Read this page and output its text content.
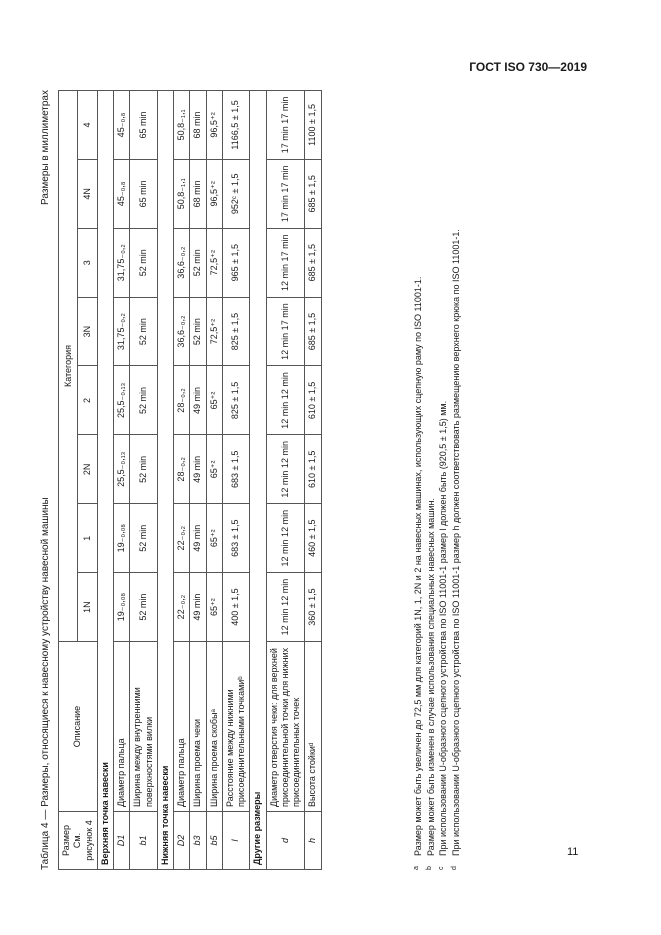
ГОСТ ISO 730—2019
Таблица 4 — Размеры, относящиеся к навесному устройству навесной машины
Размеры в миллиметрах
Размер
См. рисунок 4	Описание	Категория							
		1N	1	2N	2	3N	3	4N	4
Верхняя точка навески									
D1	Диаметр пальца	19₋₀,₀₈	19₋₀,₀₈	25,5₋₀,₁₃	25,5₋₀,₁₃	31,75₋₀,₂	31,75₋₀,₂	45₋₀,₈	45₋₀,₈
b1	Ширина между внутренними поверхностями вилки	52 min	52 min	52 min	52 min	52 min	52 min	65 min	65 min
Нижняя точка навески									
D2	Диаметр пальца	22₋₀,₂	22₋₀,₂	28₋₀,₂	28₋₀,₂	36,6₋₀,₂	36,6₋₀,₂	50,8₋₁,₁	50,8₋₁,₁
b3	Ширина проема чеки	49 min	49 min	49 min	49 min	52 min	52 min	68 min	68 min
b5	Ширина проема скобыᵃ	65⁺²	65⁺²	65⁺²	65⁺²	72,5⁺²	72,5⁺²	96,5⁺²	96,5⁺²
l	Расстояние между нижними присоединительными точкамиᵇ	400 ± 1,5	683 ± 1,5	683 ± 1,5	825 ± 1,5	825 ± 1,5	965 ± 1,5	952ᶜ ± 1,5	1166,5 ± 1,5
Другие размеры									
d	Диаметр отверстия чеки: для верхней присоединительной точки для нижних присоединительных точек	12 min 12 min	12 min 12 min	12 min 12 min	12 min 12 min	12 min 17 min	12 min 17 min	17 min 17 min	17 min 17 min
h	Высота стойкиᵈ	360 ± 1,5	460 ± 1,5	610 ± 1,5	610 ± 1,5	685 ± 1,5	685 ± 1,5	685 ± 1,5	1100 ± 1,5
aРазмер может быть увеличен до 72,5 мм для категорий 1N, 1, 2N и 2 на навесных машинах, использующих сцепную раму по ISO 11001-1.
bРазмер может быть изменен в случае использования специальных навесных машин.
cПри использовании U-образного сцепного устройства по ISO 11001-1 размер l должен быть (920,5 ± 1,5) мм.
dПри использовании U-образного сцепного устройства по ISO 11001-1 размер h должен соответствовать размещению верхнего крюка по ISO 11001-1.	11
